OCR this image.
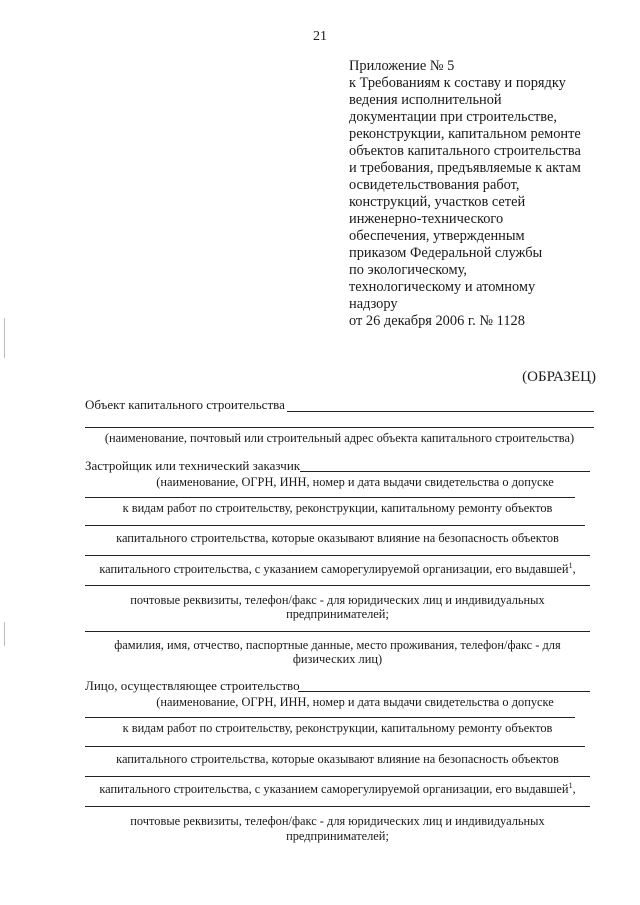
21
Приложение № 5
к Требованиям к составу и порядку
ведения исполнительной
документации при строительстве,
реконструкции, капитальном ремонте
объектов капитального строительства
и требования, предъявляемые к актам
освидетельствования работ,
конструкций, участков сетей
инженерно-технического
обеспечения, утвержденным
приказом Федеральной службы
по экологическому,
технологическому и атомному
надзору
от 26 декабря 2006 г. № 1128
(ОБРАЗЕЦ)
Объект капитального строительства
(наименование, почтовый или строительный адрес объекта капитального строительства)
Застройщик или технический заказчик
(наименование, ОГРН, ИНН, номер и дата выдачи свидетельства о допуске
к видам работ по строительству, реконструкции, капитальному ремонту объектов
капитального строительства, которые оказывают влияние на безопасность объектов
капитального строительства, с указанием саморегулируемой организации, его выдавшей$^1$,
почтовые реквизиты, телефон/факс - для юридических лиц и индивидуальных
предпринимателей;
фамилия, имя, отчество, паспортные данные, место проживания, телефон/факс - для
физических лиц)
Лицо, осуществляющее строительство
(наименование, ОГРН, ИНН, номер и дата выдачи свидетельства о допуске
к видам работ по строительству, реконструкции, капитальному ремонту объектов
капитального строительства, которые оказывают влияние на безопасность объектов
капитального строительства, с указанием саморегулируемой организации, его выдавшей$^1$,
почтовые реквизиты, телефон/факс - для юридических лиц и индивидуальных
предпринимателей;
